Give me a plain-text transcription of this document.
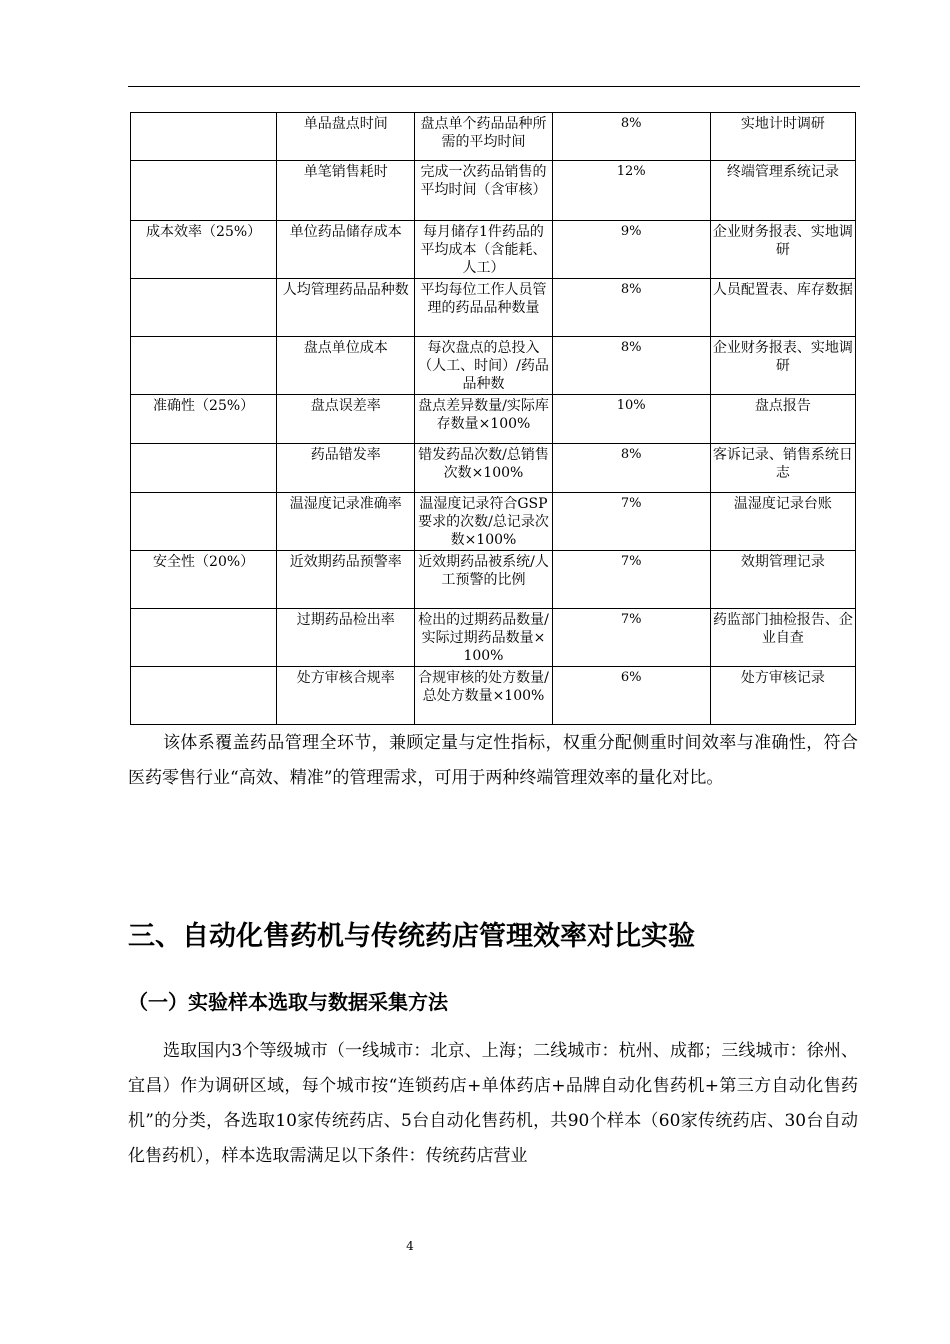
	单品盘点时间	盘点单个药品品种所需的平均时间	8%	实地计时调研
	单笔销售耗时	完成一次药品销售的平均时间（含审核）	12%	终端管理系统记录
成本效率（25%）	单位药品储存成本	每月储存1件药品的平均成本（含能耗、人工）	9%	企业财务报表、实地调研
	人均管理药品品种数	平均每位工作人员管理的药品品种数量	8%	人员配置表、库存数据
	盘点单位成本	每次盘点的总投入（人工、时间）/药品品种数	8%	企业财务报表、实地调研
准确性（25%）	盘点误差率	盘点差异数量/实际库存数量×100%	10%	盘点报告
	药品错发率	错发药品次数/总销售次数×100%	8%	客诉记录、销售系统日志
	温湿度记录准确率	温湿度记录符合GSP要求的次数/总记录次数×100%	7%	温湿度记录台账
安全性（20%）	近效期药品预警率	近效期药品被系统/人工预警的比例	7%	效期管理记录
	过期药品检出率	检出的过期药品数量/实际过期药品数量×100%	7%	药监部门抽检报告、企业自查
	处方审核合规率	合规审核的处方数量/总处方数量×100%	6%	处方审核记录

该体系覆盖药品管理全环节，兼顾定量与定性指标，权重分配侧重时间效率与准确性，符合医药零售行业“高效、精准”的管理需求，可用于两种终端管理效率的量化对比。

三、自动化售药机与传统药店管理效率对比实验
（一）实验样本选取与数据采集方法

选取国内3个等级城市（一线城市：北京、上海；二线城市：杭州、成都；三线城市：徐州、宜昌）作为调研区域，每个城市按“连锁药店+单体药店+品牌自动化售药机+第三方自动化售药机”的分类，各选取10家传统药店、5台自动化售药机，共90个样本（60家传统药店、30台自动化售药机），样本选取需满足以下条件：传统药店营业

4
